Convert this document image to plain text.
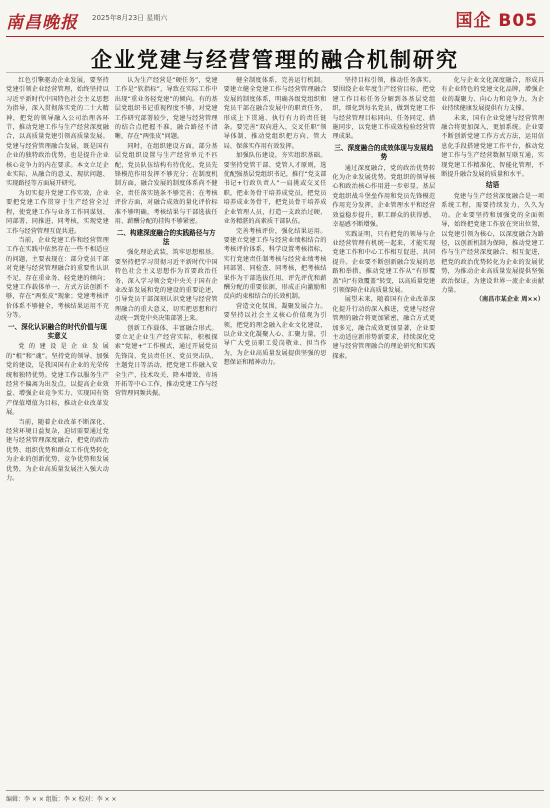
南昌晚报 2025年8月23日 星期六	国企 B05
企业党建与经营管理的融合机制研究

红色引擎驱动企业发展，要坚持党建引领企业经营管理，始终坚持以习近平新时代中国特色社会主义思想为指导，深入贯彻落实党的二十大精神，把党的领导融入公司治理各环节，推动党建工作与生产经营深度融合，以高质量党建引领高质量发展。党建与经营管理融合发展，既是国有企业的独特政治优势，也是提升企业核心竞争力的内在要求。本文立足企业实际，从融合的意义、现状问题、实现路径等方面展开研究。

为切实提升党建工作实效，企业要把党建工作贯穿于生产经营全过程，使党建工作与业务工作同谋划、同部署、同推进、同考核，实现党建工作与经营管理互促共进。

当前，企业党建工作和经营管理工作在实践中依然存在一些不相适应的问题，主要表现在：部分党员干部对党建与经营管理融合的重要性认识不足，存在重业务、轻党建的倾向；党建工作载体单一、方式方法创新不够，存在“两张皮”现象；党建考核评价体系不够健全，考核结果运用不充分等。

一、深化认识融合的时代价值与现实意义

党的建设是企业发展的“根”和“魂”。坚持党的领导、加强党的建设，是我国国有企业的光荣传统和独特优势。党建工作以服务生产经营不偏离为出发点，以提高企业效益、增强企业竞争实力、实现国有资产保值增值为目标，推动企业改革发展。

当前，随着企业改革不断深化、经营环境日益复杂，迫切需要通过党建与经营管理深度融合，把党的政治优势、组织优势和群众工作优势转化为企业的创新优势、竞争优势和发展优势，为企业高质量发展注入强大动力。

认为生产经营是“硬任务”，党建工作是“软指标”，导致在实际工作中出现“重业务轻党建”的倾向。有的基层党组织书记重视程度不够，对党建工作研究部署较少，党建与经营管理的结合点把握不准，融合路径不清晰，存在“两张皮”问题。

同时，在组织建设方面，部分基层党组织设置与生产经营单元不匹配，党员队伍结构有待优化，党员先锋模范作用发挥不够充分；在制度机制方面，融合发展的制度体系尚不健全，责任落实链条不够完善；在考核评价方面，对融合成效的量化评价标准不够明确，考核结果与干部选拔任用、薪酬分配的挂钩不够紧密。

二、构建深度融合的实践路径与方法

强化理论武装，筑牢思想根基。要坚持把学习贯彻习近平新时代中国特色社会主义思想作为首要政治任务，深入学习领会党中央关于国有企业改革发展和党的建设的重要论述，引导党员干部深刻认识党建与经营管理融合的重大意义，切实把思想和行动统一到党中央决策部署上来。

创新工作载体，丰富融合形式。要立足企业生产经营实际，积极探索“党建+”工作模式，通过开展党员先锋岗、党员责任区、党员突击队、主题党日等活动，把党建工作融入安全生产、技术攻关、降本增效、市场开拓等中心工作，推动党建工作与经营管理同频共振。

健全制度体系，完善运行机制。要建立健全党建工作与经营管理融合发展的制度体系，明确各级党组织和党员干部在融合发展中的职责任务，形成上下贯通、执行有力的责任链条。要完善“双向进入、交叉任职”领导体制，推动党组织把方向、管大局、保落实作用有效发挥。

加强队伍建设，夯实组织基础。要坚持党管干部、党管人才原则，选优配强基层党组织书记，推行“党支部书记+行政负责人”一肩挑或交叉任职，把业务骨干培养成党员，把党员培养成业务骨干，把党员骨干培养成企业管理人员，打造一支政治过硬、业务精湛的高素质干部队伍。

完善考核评价，强化结果运用。要建立党建工作与经营业绩相结合的考核评价体系，科学设置考核指标，实行党建责任制考核与经营业绩考核同部署、同检查、同考核，把考核结果作为干部选拔任用、评先评优和薪酬分配的重要依据，形成正向激励和反向约束相结合的长效机制。

营造文化氛围，凝聚发展合力。要坚持以社会主义核心价值观为引领，把党的理念融入企业文化建设，以企业文化凝聚人心、汇聚力量，引导广大党员职工爱岗敬业、担当作为，为企业高质量发展提供坚强的思想保证和精神动力。

坚持目标引领，推动任务落实。要围绕企业年度生产经营目标，把党建工作目标任务分解到各基层党组织，细化到每名党员，做到党建工作与经营管理目标同向、任务同定、措施同步，以党建工作成效检验经营管理成果。

三、深度融合的成效体现与发展趋势

通过深度融合，党的政治优势转化为企业发展优势。党组织的领导核心和政治核心作用进一步彰显，基层党组织战斗堡垒作用和党员先锋模范作用充分发挥，企业管理水平和经营效益稳步提升，职工群众的获得感、幸福感不断增强。

实践证明，只有把党的领导与企业经营管理有机统一起来，才能实现党建工作和中心工作相互促进、共同提升。企业要不断创新融合发展的思路和举措，推动党建工作从“有形覆盖”向“有效覆盖”转变，以高质量党建引领保障企业高质量发展。

展望未来，随着国有企业改革深化提升行动的深入推进，党建与经营管理的融合将更加紧密，融合方式更加多元，融合成效更加显著，企业要主动适应新形势新要求，持续深化党建与经营管理融合的理论研究和实践探索。

化与企业文化深度融合，形成具有企业特色的党建文化品牌，增强企业的凝聚力、向心力和竞争力，为企业持续健康发展提供有力支撑。

未来，国有企业党建与经营管理融合将更加深入、更加系统。企业要不断创新党建工作方式方法，运用信息化手段搭建党建工作平台，推动党建工作与生产经营数据互联互通，实现党建工作精准化、智能化管理，不断提升融合发展的质量和水平。

结语

党建与生产经营深度融合是一项系统工程，需要持续发力、久久为功。企业要坚持和加强党的全面领导，始终把党建工作放在突出位置，以党建引领为核心，以深度融合为路径，以创新机制为保障，推动党建工作与生产经营深度融合、相互促进，把党的政治优势转化为企业的发展优势，为推动企业高质量发展提供坚强政治保证，为建设世界一流企业贡献力量。

（南昌市某企业 周××）

编辑：李 × × 组版：李 × 校对：李 × ×
